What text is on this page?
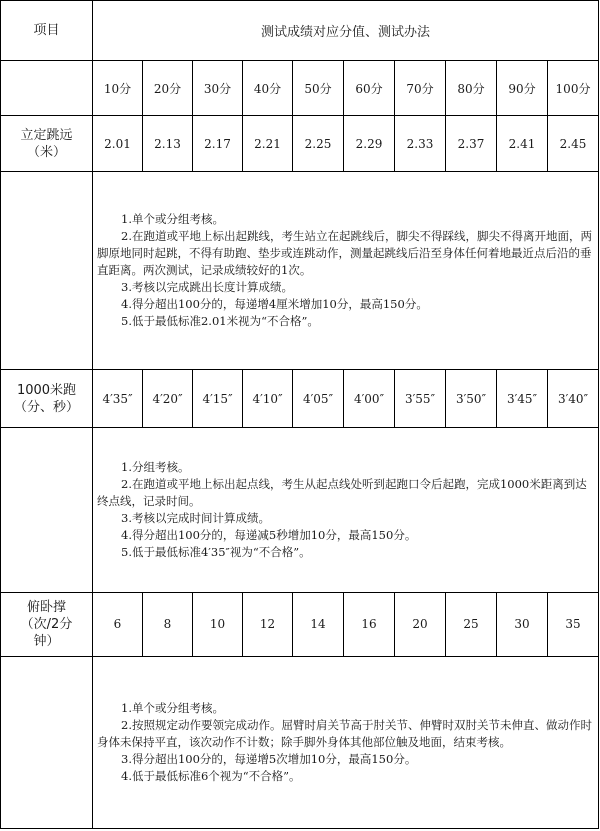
项目	测试成绩对应分值、测试办法									
	10分	20分	30分	40分	50分	60分	70分	80分	90分	100分

立定跳远
（米）	2.01	2.13	2.17	2.21	2.25	2.29	2.33	2.37	2.41	2.45

	1.单个或分组考核。

2.在跑道或平地上标出起跳线，考生站立在起跳线后，脚尖不得踩线，脚尖不得离开地面，两脚原地同时起跳，不得有助跑、垫步或连跳动作，测量起跳线后沿至身体任何着地最近点后沿的垂直距离。两次测试，记录成绩较好的1次。

3.考核以完成跳出长度计算成绩。

4.得分超出100分的，每递增4厘米增加10分，最高150分。

5.低于最低标准2.01米视为“不合格”。									

1000米跑
（分、秒）	4′35″	4′20″	4′15″	4′10″	4′05″	4′00″	3′55″	3′50″	3′45″	3′40″

	1.分组考核。

2.在跑道或平地上标出起点线，考生从起点线处听到起跑口令后起跑，完成1000米距离到达终点线，记录时间。

3.考核以完成时间计算成绩。

4.得分超出100分的，每递减5秒增加10分，最高150分。

5.低于最低标准4′35″视为“不合格”。									

俯卧撑
（次/2分
钟）	6	8	10	12	14	16	20	25	30	35

	1.单个或分组考核。

2.按照规定动作要领完成动作。屈臂时肩关节高于肘关节、伸臂时双肘关节未伸直、做动作时身体未保持平直，该次动作不计数；除手脚外身体其他部位触及地面，结束考核。

3.得分超出100分的，每递增5次增加10分，最高150分。

4.低于最低标准6个视为“不合格”。									
